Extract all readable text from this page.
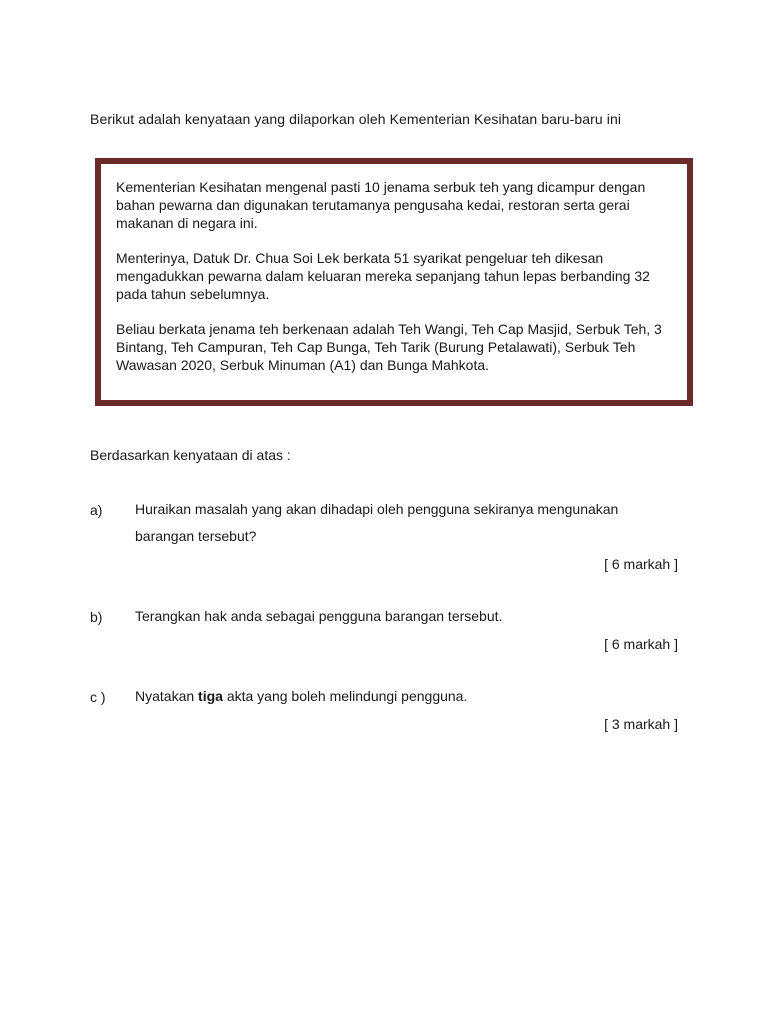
Berikut adalah kenyataan yang dilaporkan oleh Kementerian Kesihatan baru-baru ini

Kementerian Kesihatan mengenal pasti 10 jenama serbuk teh yang dicampur dengan bahan pewarna dan digunakan terutamanya pengusaha kedai, restoran serta gerai makanan di negara ini.

Menterinya, Datuk Dr. Chua Soi Lek berkata 51 syarikat pengeluar teh dikesan mengadukkan pewarna dalam keluaran mereka sepanjang tahun lepas berbanding 32 pada tahun sebelumnya.

Beliau berkata jenama teh berkenaan adalah Teh Wangi, Teh Cap Masjid, Serbuk Teh, 3 Bintang, Teh Campuran, Teh Cap Bunga, Teh Tarik (Burung Petalawati), Serbuk Teh Wawasan 2020, Serbuk Minuman (A1) dan Bunga Mahkota.

Berdasarkan kenyataan di atas :
a) Huraikan masalah yang akan dihadapi oleh pengguna sekiranya mengunakan
barangan tersebut?
[ 6 markah ]
b) Terangkan hak anda sebagai pengguna barangan tersebut.
[ 6 markah ]
c ) Nyatakan tiga akta yang boleh melindungi pengguna.
[ 3 markah ]
